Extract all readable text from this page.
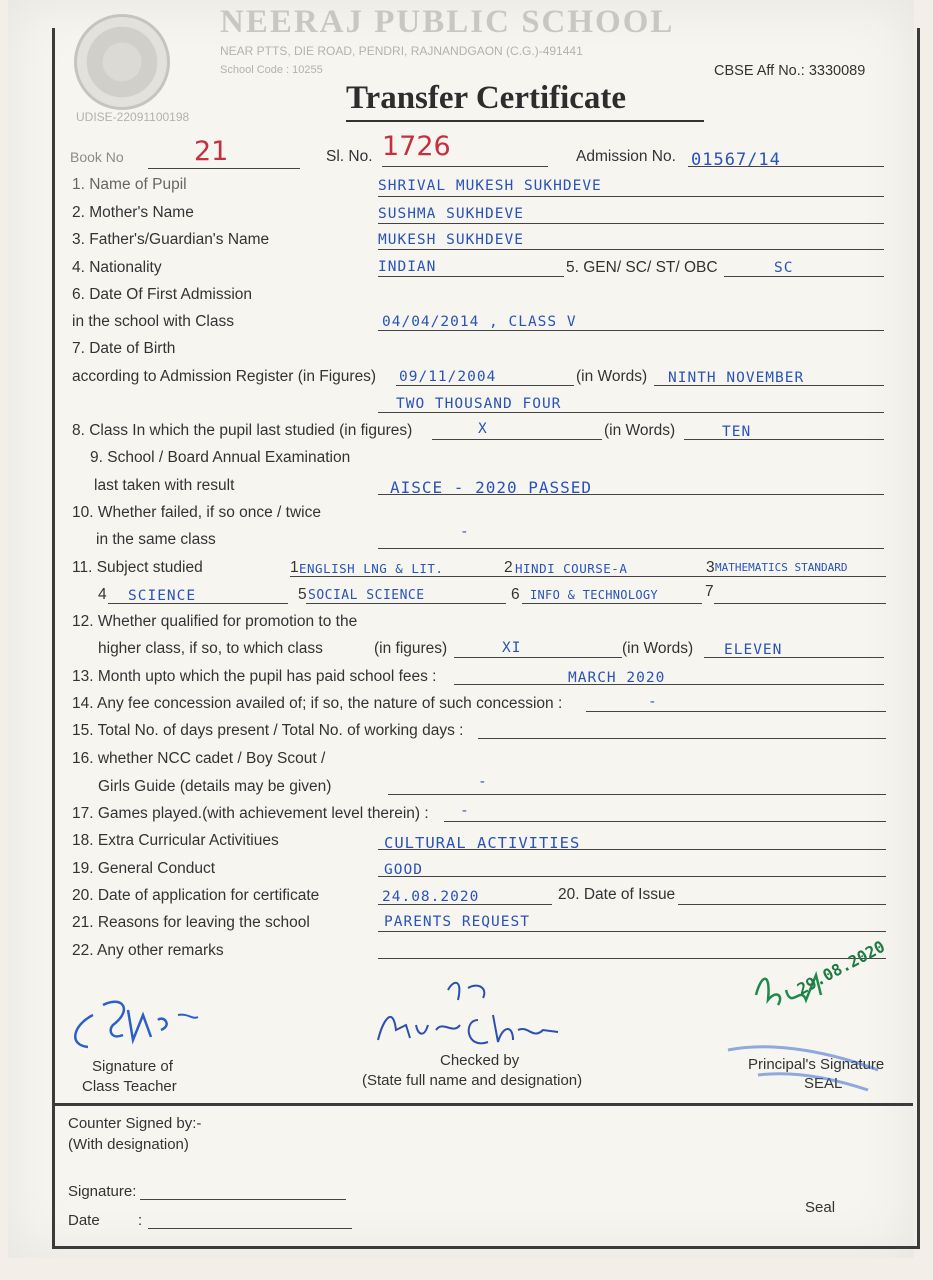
NEERAJ PUBLIC SCHOOL
NEAR PTTS, DIE ROAD, PENDRI, RAJNANDGAON (C.G.)-491441
School Code : 10255	CBSE Aff No.: 3330089
UDISE-22091100198
Transfer Certificate
Book No	21	Sl. No. 1726	Admission No. 01567/14
1. Name of Pupil	SHRIVAL MUKESH SUKHDEVE
2. Mother's Name	SUSHMA SUKHDEVE
3. Father's/Guardian's Name	MUKESH SUKHDEVE
4. Nationality	INDIAN	5. GEN/ SC/ ST/ OBC	SC
6. Date Of First Admission
in the school with Class	04/04/2014 , CLASS V
7. Date of Birth
according to Admission Register (in Figures) 09/11/2004	(in Words) NINTH NOVEMBER
TWO THOUSAND FOUR
8. Class In which the pupil last studied (in figures)	X	(in Words)	TEN
9. School / Board Annual Examination
last taken with result	AISCE - 2020 PASSED
10. Whether failed, if so once / twice
in the same class	-
11. Subject studied	1 ENGLISH LNG & LIT.	2 HINDI COURSE-A	3 MATHEMATICS STANDARD
4 SCIENCE	5 SOCIAL SCIENCE	6 INFO & TECHNOLOGY	7
12. Whether qualified for promotion to the
higher class, if so, to which class	(in figures)	XI	(in Words) ELEVEN
13. Month upto which the pupil has paid school fees :	MARCH 2020
14. Any fee concession availed of; if so, the nature of such concession :	-
15. Total No. of days present / Total No. of working days :
16. whether NCC cadet / Boy Scout /
Girls Guide (details may be given)	-
17. Games played.(with achievement level therein) : -
18. Extra Curricular Activitiues	CULTURAL ACTIVITIES
19. General Conduct	GOOD
20. Date of application for certificate	24.08.2020	20. Date of Issue
21. Reasons for leaving the school	PARENTS REQUEST
22. Any other remarks
Signature of
Class Teacher
Checked by
(State full name and designation)
29.08.2020
Principal's Signature
SEAL
Counter Signed by:-
(With designation)
Signature:
Date	:
Seal
